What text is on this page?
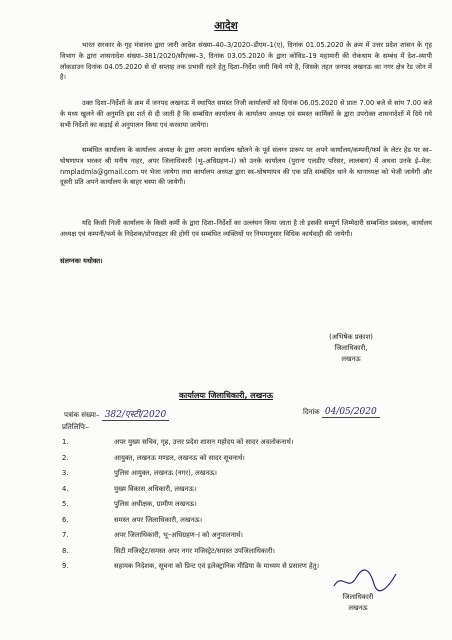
आदेश
भारत सरकार के गृह मंत्रालय द्वारा जारी आदेश संख्या–40–3/2020–डीएम–1(ए), दिनांक 01.05.2020 के क्रम में उत्तर प्रदेश शासन के गृह विभाग के द्वारा शासनादेश संख्या–381/2020/सीएक्स–3, दिनांक 03.05.2020 के द्वारा कोविड–19 महामारी की रोकथाम के सम्बंध में देश–व्यापी लॉकडाउन दिनांक 04.05.2020 से दो सप्ताह तक प्रभावी रहने हेतु दिशा–निर्देश जारी किये गये है, जिसके तहत जनपद लखनऊ का नगर क्षेत्र रेड जोन में है।
उक्त दिशा–निर्देशों के क्रम में जनपद लखनऊ में स्थापित समस्त निजी कार्यालयों को दिनांक 06.05.2020 से प्रातः 7.00 बजे से सांय 7.00 बजे के मध्य खुलने की अनुमति इस शर्त से दी जाती है कि सम्बंधित कार्यालय के कार्यालय अध्यक्ष एवं समस्त कार्मिकों के द्वारा उपरोक्त शासनादेशों में दिये गये सभी निर्देशों का कड़ाई से अनुपालन किया एवं करवाया जायेगा।
सम्बंधित कार्यालय के कार्यालय अध्यक्ष के द्वारा अपना कार्यालय खोलने के पूर्व संलग्न प्रारूप पर अपने कार्यालय/कम्पनी/फर्म के लेटर हेड पर स्व–घोषणापत्र भरकर श्री मनीष नाहर, अपर जिलाधिकारी (भू–अधिग्रहण–I) को उनके कार्यालय (पुराना एलडीए परिसर, लालबाग) में अथवा उनके ई–मेल: nmpladmla@gmail.com पर भेजा जायेगा तथा कार्यालय अध्यक्ष द्वारा स्व–घोषणापत्र की एक प्रति सम्बंधित थाने के थानाध्यक्ष को भेजी जायेगी और दूसरी प्रति अपने कार्यालय के बाहर चस्पा की जायेगी।
यदि किसी निजी कार्यालय के किसी कर्मी के द्वारा दिशा–निर्देशों का उल्लंघन किया जाता है तो इसकी सम्पूर्ण जिम्मेदारी सम्बन्धित प्रबंधक, कार्यालय अध्यक्ष एवं कम्पनी/फर्म के निदेशक/प्रोपराइटर की होगी एवं सम्बंधित व्यक्तियों पर नियमानुसार विधिक कार्यवाही की जायेगी।
संलग्नकः यथोक्त।
(अभिषेक प्रकाश)
जिलाधिकारी,
लखनऊ
कार्यालयः जिलाधिकारी, लखनऊ
पत्रांक संख्या– 382/एस्टी/2020	दिनांक 04/05/2020
प्रतिलिपिः–
1.	अपर मुख्य सचिव, गृह, उत्तर प्रदेश शासन महोदय को सादर अवलोकनार्थ।
2.	आयुक्त, लखनऊ मण्डल, लखनऊ को सादर सूचनार्थ।
3.	पुलिस आयुक्त, लखनऊ (नगर), लखनऊ।
4.	मुख्य विकास अधिकारी, लखनऊ।
5.	पुलिस अधीक्षक, ग्रामीण लखनऊ।
6.	समस्त अपर जिलाधिकारी, लखनऊ।
7.	अपर जिलाधिकारी, भू–अधिग्रहण–I को अनुपालनार्थ।
8.	सिटी मजिस्ट्रेट/समस्त अपर नगर मजिस्ट्रेट/समस्त उपजिलाधिकारी।
9.	सहायक निदेशक, सूचना को प्रिन्ट एवं इलेक्ट्रानिक मीडिया के माध्यम से प्रसारण हेतु।
जिलाधिकारी
लखनऊ
